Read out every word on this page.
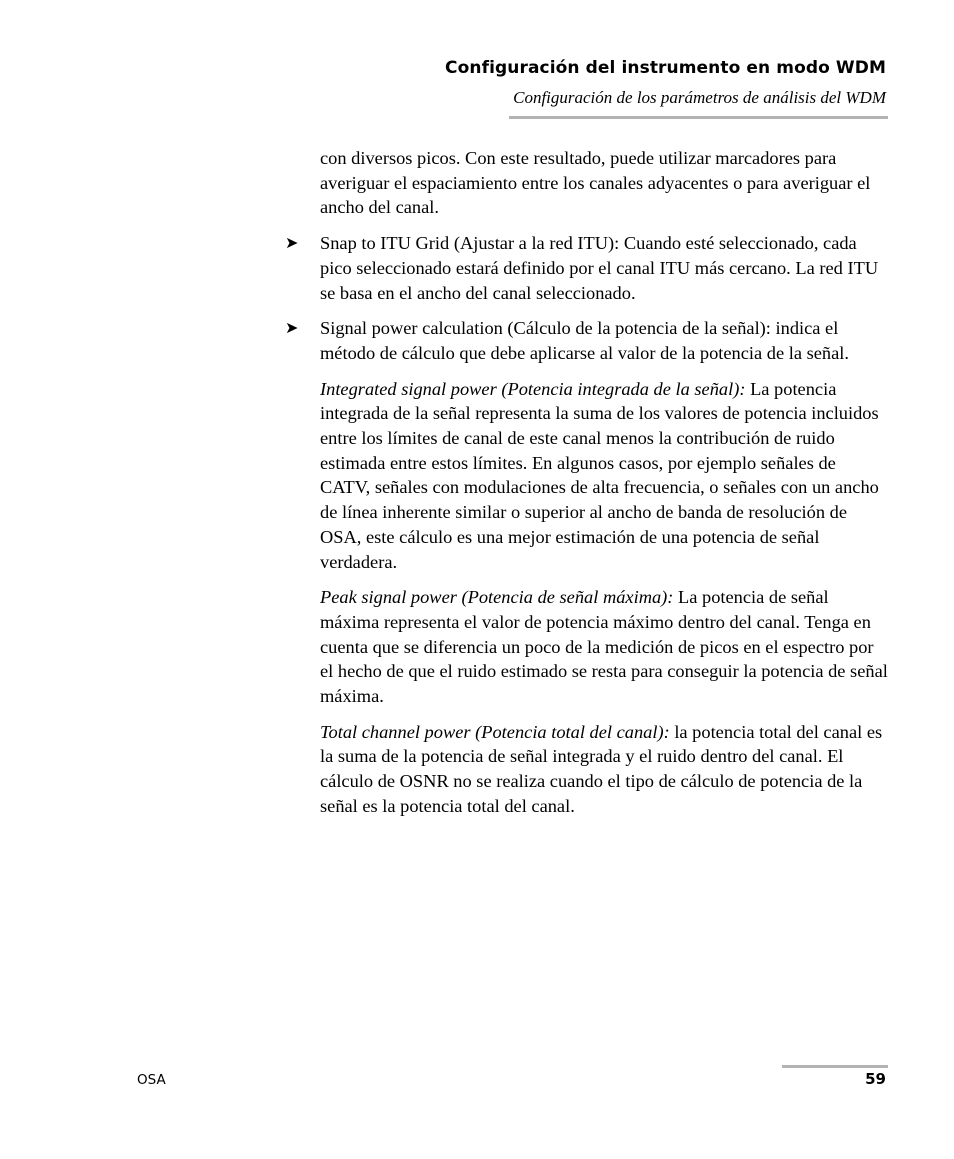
Configuración del instrumento en modo WDM
Configuración de los parámetros de análisis del WDM

con diversos picos. Con este resultado, puede utilizar marcadores para averiguar el espaciamiento entre los canales adyacentes o para averiguar el ancho del canal.

➤ Snap to ITU Grid (Ajustar a la red ITU): Cuando esté seleccionado, cada pico seleccionado estará definido por el canal ITU más cercano. La red ITU se basa en el ancho del canal seleccionado.

➤ Signal power calculation (Cálculo de la potencia de la señal): indica el método de cálculo que debe aplicarse al valor de la potencia de la señal.

Integrated signal power (Potencia integrada de la señal): La potencia integrada de la señal representa la suma de los valores de potencia incluidos entre los límites de canal de este canal menos la contribución de ruido estimada entre estos límites. En algunos casos, por ejemplo señales de CATV, señales con modulaciones de alta frecuencia, o señales con un ancho de línea inherente similar o superior al ancho de banda de resolución de OSA, este cálculo es una mejor estimación de una potencia de señal verdadera.

Peak signal power (Potencia de señal máxima): La potencia de señal máxima representa el valor de potencia máximo dentro del canal. Tenga en cuenta que se diferencia un poco de la medición de picos en el espectro por el hecho de que el ruido estimado se resta para conseguir la potencia de señal máxima.

Total channel power (Potencia total del canal): la potencia total del canal es la suma de la potencia de señal integrada y el ruido dentro del canal. El cálculo de OSNR no se realiza cuando el tipo de cálculo de potencia de la señal es la potencia total del canal.

OSA	59
